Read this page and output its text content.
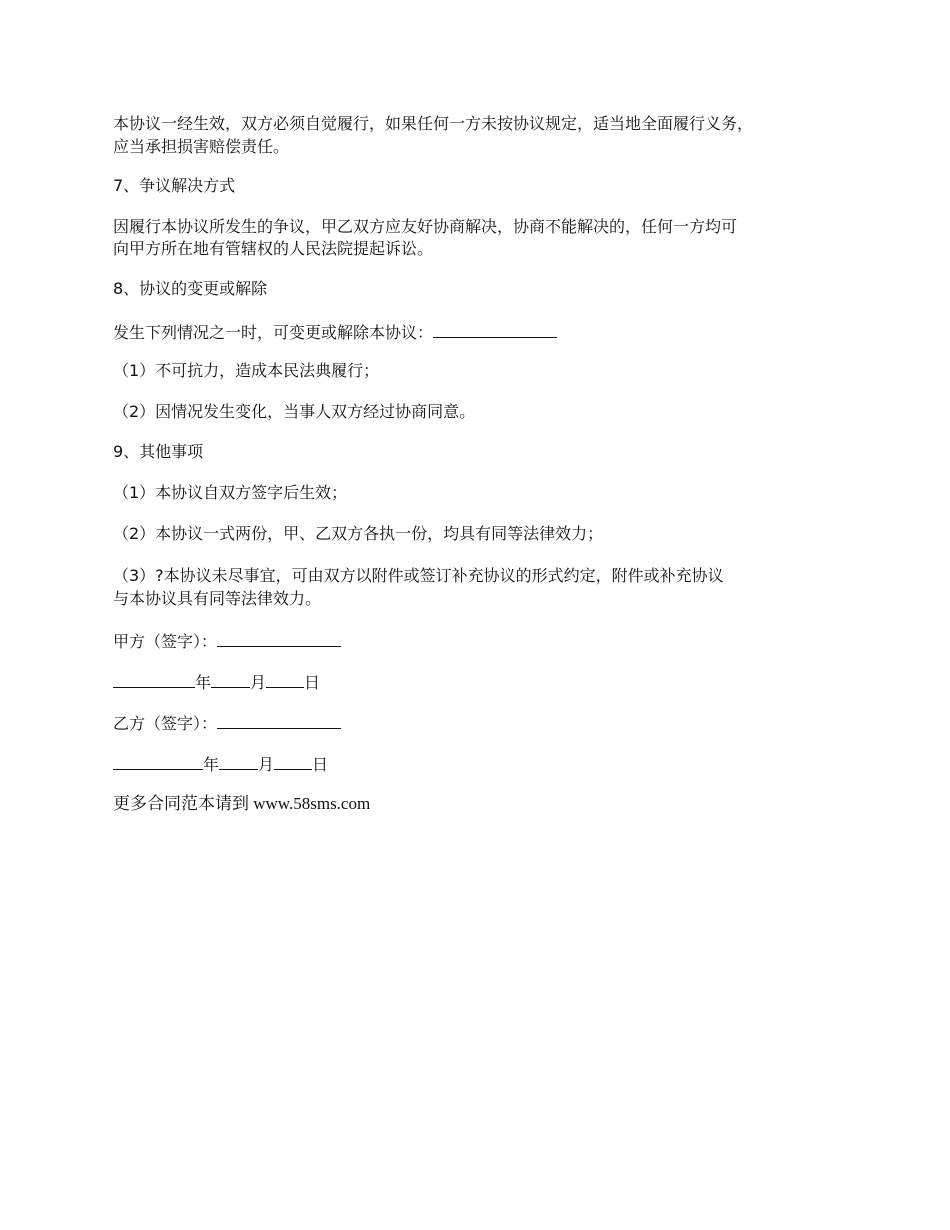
本协议一经生效，双方必须自觉履行，如果任何一方未按协议规定，适当地全面履行义务，
应当承担损害赔偿责任。
7、争议解决方式
因履行本协议所发生的争议，甲乙双方应友好协商解决，协商不能解决的，任何一方均可
向甲方所在地有管辖权的人民法院提起诉讼。
8、协议的变更或解除
发生下列情况之一时，可变更或解除本协议：
（1）不可抗力，造成本民法典履行；
（2）因情况发生变化，当事人双方经过协商同意。
9、其他事项
（1）本协议自双方签字后生效；
（2）本协议一式两份，甲、乙双方各执一份，均具有同等法律效力；
（3）?本协议未尽事宜，可由双方以附件或签订补充协议的形式约定，附件或补充协议
与本协议具有同等法律效力。
甲方（签字）：
年 月 日
乙方（签字）：
年 月 日
更多合同范本请到 www.58sms.com
